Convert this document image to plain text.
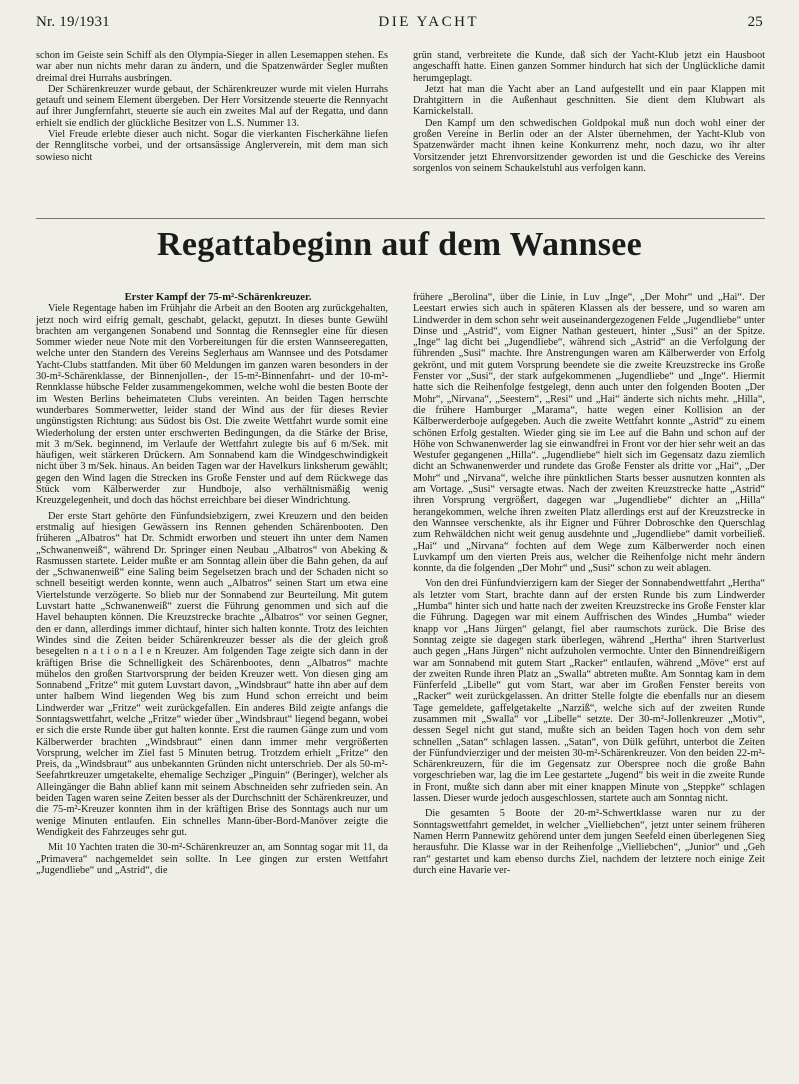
Nr. 19/1931	DIE YACHT	25

schon im Geiste sein Schiff als den Olympia-Sieger in allen Lesemappen stehen. Es war aber nun nichts mehr daran zu ändern, und die Spatzenwärder Segler mußten dreimal drei Hurrahs ausbringen.

Der Schärenkreuzer wurde gebaut, der Schärenkreuzer wurde mit vielen Hurrahs getauft und seinem Element übergeben. Der Herr Vorsitzende steuerte die Rennyacht auf ihrer Jungfernfahrt, steuerte sie auch ein zweites Mal auf der Regatta, und dann erhielt sie endlich der glückliche Besitzer von L.S. Nummer 13.

Viel Freude erlebte dieser auch nicht. Sogar die vierkanten Fischerkähne liefen der Rennglitsche vorbei, und der ortsansässige Anglerverein, mit dem man sich sowieso nicht

grün stand, verbreitete die Kunde, daß sich der Yacht-Klub jetzt ein Hausboot angeschafft hatte. Einen ganzen Sommer hindurch hat sich der Unglückliche damit herumgeplagt.

Jetzt hat man die Yacht aber an Land aufgestellt und ein paar Klappen mit Drahtgittern in die Außenhaut geschnitten. Sie dient dem Klubwart als Karnickelstall.

Den Kampf um den schwedischen Goldpokal muß nun doch wohl einer der großen Vereine in Berlin oder an der Alster übernehmen, der Yacht-Klub von Spatzenwärder macht ihnen keine Konkurrenz mehr, noch dazu, wo ihr alter Vorsitzender jetzt Ehrenvorsitzender geworden ist und die Geschicke des Vereins sorgenlos von seinem Schaukelstuhl aus verfolgen kann.

Regattabeginn auf dem Wannsee

Erster Kampf der 75-m²-Schärenkreuzer.

Viele Regentage haben im Frühjahr die Arbeit an den Booten arg zurückgehalten, jetzt noch wird eifrig gemalt, geschabt, gelackt, geputzt. In dieses bunte Gewühl brachten am vergangenen Sonabend und Sonntag die Rennsegler eine für diesen Sommer wieder neue Note mit den Vorbereitungen für die ersten Wannseeregatten, welche unter den Standern des Vereins Seglerhaus am Wannsee und des Potsdamer Yacht-Clubs stattfanden. Mit über 60 Meldungen im ganzen waren besonders in der 30-m²-Schärenklasse, der Binnenjollen-, der 15-m²-Binnenfahrt- und der 10-m²-Rennklasse hübsche Felder zusammengekommen, welche wohl die besten Boote der im Westen Berlins beheimateten Clubs vereinten. An beiden Tagen herrschte wunderbares Sommerwetter, leider stand der Wind aus der für dieses Revier ungünstigsten Richtung: aus Südost bis Ost. Die zweite Wettfahrt wurde somit eine Wiederholung der ersten unter erschwerten Bedingungen, da die Stärke der Brise, mit 3 m/Sek. beginnend, im Verlaufe der Wettfahrt zulegte bis auf 6 m/Sek. mit häufigen, weit stärkeren Drückern. Am Sonnabend kam die Windgeschwindigkeit nicht über 3 m/Sek. hinaus. An beiden Tagen war der Havelkurs linksherum gewählt; gegen den Wind lagen die Strecken ins Große Fenster und auf dem Rückwege das Stück vom Kälberwerder zur Hundboje, also verhältnismäßig wenig Kreuzgelegenheit, und doch das höchst erreichbare bei dieser Windrichtung.

Der erste Start gehörte den Fünfundsiebzigern, zwei Kreuzern und den beiden erstmalig auf hiesigen Gewässern ins Rennen gehenden Schärenbooten. Den früheren „Albatros“ hat Dr. Schmidt erworben und steuert ihn unter dem Namen „Schwanenweiß“, während Dr. Springer einen Neubau „Albatros“ von Abeking & Rasmussen startete. Leider mußte er am Sonntag allein über die Bahn gehen, da auf der „Schwanenweiß“ eine Saling beim Segelsetzen brach und der Schaden nicht so schnell beseitigt werden konnte, wenn auch „Albatros“ seinen Start um etwa eine Viertelstunde verzögerte. So blieb nur der Sonnabend zur Beurteilung. Mit gutem Luvstart hatte „Schwanenweiß“ zuerst die Führung genommen und sich auf die Havel behaupten können. Die Kreuzstrecke brachte „Albatros“ vor seinen Gegner, den er dann, allerdings immer dichtauf, hinter sich halten konnte. Trotz des leichten Windes sind die Zeiten beider Schärenkreuzer besser als die der gleich groß besegelten n a t i o n a l e n Kreuzer. Am folgenden Tage zeigte sich dann in der kräftigen Brise die Schnelligkeit des Schärenbootes, denn „Albatros“ machte mühelos den großen Startvorsprung der beiden Kreuzer wett. Von diesen ging am Sonnabend „Fritze“ mit gutem Luvstart davon, „Windsbraut“ hatte ihn aber auf dem unter halbem Wind liegenden Weg bis zum Hund schon erreicht und beim Lindwerder war „Fritze“ weit zurückgefallen. Ein anderes Bild zeigte anfangs die Sonntagswettfahrt, welche „Fritze“ wieder über „Windsbraut“ liegend begann, wobei er sich die erste Runde über gut halten konnte. Erst die raumen Gänge zum und vom Kälberwerder brachten „Windsbraut“ einen dann immer mehr vergrößerten Vorsprung, welcher im Ziel fast 5 Minuten betrug. Trotzdem erhielt „Fritze“ den Preis, da „Windsbraut“ aus unbekannten Gründen nicht unterschrieb. Der als 50-m²-Seefahrtkreuzer umgetakelte, ehemalige Sechziger „Pinguin“ (Beringer), welcher als Alleingänger die Bahn ablief kann mit seinem Abschneiden sehr zufrieden sein. An beiden Tagen waren seine Zeiten besser als der Durchschnitt der Schärenkreuzer, und die 75-m²-Kreuzer konnten ihm in der kräftigen Brise des Sonntags auch nur um wenige Minuten entlaufen. Ein schnelles Mann-über-Bord-Manöver zeigte die Wendigkeit des Fahrzeuges sehr gut.

Mit 10 Yachten traten die 30-m²-Schärenkreuzer an, am Sonntag sogar mit 11, da „Primavera“ nachgemeldet sein sollte. In Lee gingen zur ersten Wettfahrt „Jugendliebe“ und „Astrid“, die

frühere „Berolina“, über die Linie, in Luv „Inge“, „Der Mohr“ und „Hai“. Der Leestart erwies sich auch in späteren Klassen als der bessere, und so waren am Lindwerder in dem schon sehr weit auseinandergezogenen Felde „Jugendliebe“ unter Dinse und „Astrid“, vom Eigner Nathan gesteuert, hinter „Susi“ an der Spitze. „Inge“ lag dicht bei „Jugendliebe“, während sich „Astrid“ an die Verfolgung der führenden „Susi“ machte. Ihre Anstrengungen waren am Kälberwerder von Erfolg gekrönt, und mit gutem Vorsprung beendete sie die zweite Kreuzstrecke ins Große Fenster vor „Susi“, der stark aufgekommenen „Jugendliebe“ und „Inge“. Hiermit hatte sich die Reihenfolge festgelegt, denn auch unter den folgenden Booten „Der Mohr“, „Nirvana“, „Seestern“, „Resi“ und „Hai“ änderte sich nichts mehr. „Hilla“, die frühere Hamburger „Marama“, hatte wegen einer Kollision an der Kälberwerderboje aufgegeben. Auch die zweite Wettfahrt konnte „Astrid“ zu einem schönen Erfolg gestalten. Wieder ging sie im Lee auf die Bahn und schon auf der Höhe von Schwanenwerder lag sie einwandfrei in Front vor der hier sehr weit an das Westufer gegangenen „Hilla“. „Jugendliebe“ hielt sich im Gegensatz dazu ziemlich dicht an Schwanenwerder und rundete das Große Fenster als dritte vor „Hai“, „Der Mohr“ und „Nirvana“, welche ihre pünktlichen Starts besser ausnutzen konnten als am Vortage. „Susi“ versagte etwas. Nach der zweiten Kreuzstrecke hatte „Astrid“ ihren Vorsprung vergrößert, dagegen war „Jugendliebe“ dichter an „Hilla“ herangekommen, welche ihren zweiten Platz allerdings erst auf der Kreuzstrecke in den Wannsee verschenkte, als ihr Eigner und Führer Dobroschke den Querschlag zum Rehwäldchen nicht weit genug ausdehnte und „Jugendliebe“ damit vorbeiließ. „Hai“ und „Nirvana“ fochten auf dem Wege zum Kälberwerder noch einen Luvkampf um den vierten Preis aus, welcher die Reihenfolge nicht mehr ändern konnte, da die folgenden „Der Mohr“ und „Susi“ schon zu weit ablagen.

Von den drei Fünfundvierzigern kam der Sieger der Sonnabendwettfahrt „Hertha“ als letzter vom Start, brachte dann auf der ersten Runde bis zum Lindwerder „Humba“ hinter sich und hatte nach der zweiten Kreuzstrecke ins Große Fenster klar die Führung. Dagegen war mit einem Auffrischen des Windes „Humba“ wieder knapp vor „Hans Jürgen“ gelangt, fiel aber raumschots zurück. Die Brise des Sonntag zeigte sie dagegen stark überlegen, während „Hertha“ ihren Startverlust auch gegen „Hans Jürgen“ nicht aufzuholen vermochte. Unter den Binnendreißigern war am Sonnabend mit gutem Start „Racker“ entlaufen, während „Möve“ erst auf der zweiten Runde ihren Platz an „Swalla“ abtreten mußte. Am Sonntag kam in dem Fünferfeld „Libelle“ gut vom Start, war aber im Großen Fenster bereits von „Racker“ weit zurückgelassen. An dritter Stelle folgte die ebenfalls nur an diesem Tage gemeldete, gaffelgetakelte „Narziß“, welche sich auf der zweiten Runde zusammen mit „Swalla“ vor „Libelle“ setzte. Der 30-m²-Jollenkreuzer „Motiv“, dessen Segel nicht gut stand, mußte sich an beiden Tagen hoch von dem sehr schnellen „Satan“ schlagen lassen. „Satan“, von Dülk geführt, unterbot die Zeiten der Fünfundvierziger und der meisten 30-m²-Schärenkreuzer. Von den beiden 22-m²-Schärenkreuzern, für die im Gegensatz zur Oberspree noch die große Bahn vorgeschrieben war, lag die im Lee gestartete „Jugend“ bis weit in die zweite Runde in Front, mußte sich dann aber mit einer knappen Minute von „Steppke“ schlagen lassen. Dieser wurde jedoch ausgeschlossen, startete auch am Sonntag nicht.

Die gesamten 5 Boote der 20-m²-Schwertklasse waren nur zu der Sonntagswettfahrt gemeldet, in welcher „Vielliebchen“, jetzt unter seinem früheren Namen Herrn Pannewitz gehörend unter dem jungen Seefeld einen überlegenen Sieg herausfuhr. Die Klasse war in der Reihenfolge „Vielliebchen“, „Junior“ und „Geh ran“ gestartet und kam ebenso durchs Ziel, nachdem der letztere noch einige Zeit durch eine Havarie ver-
